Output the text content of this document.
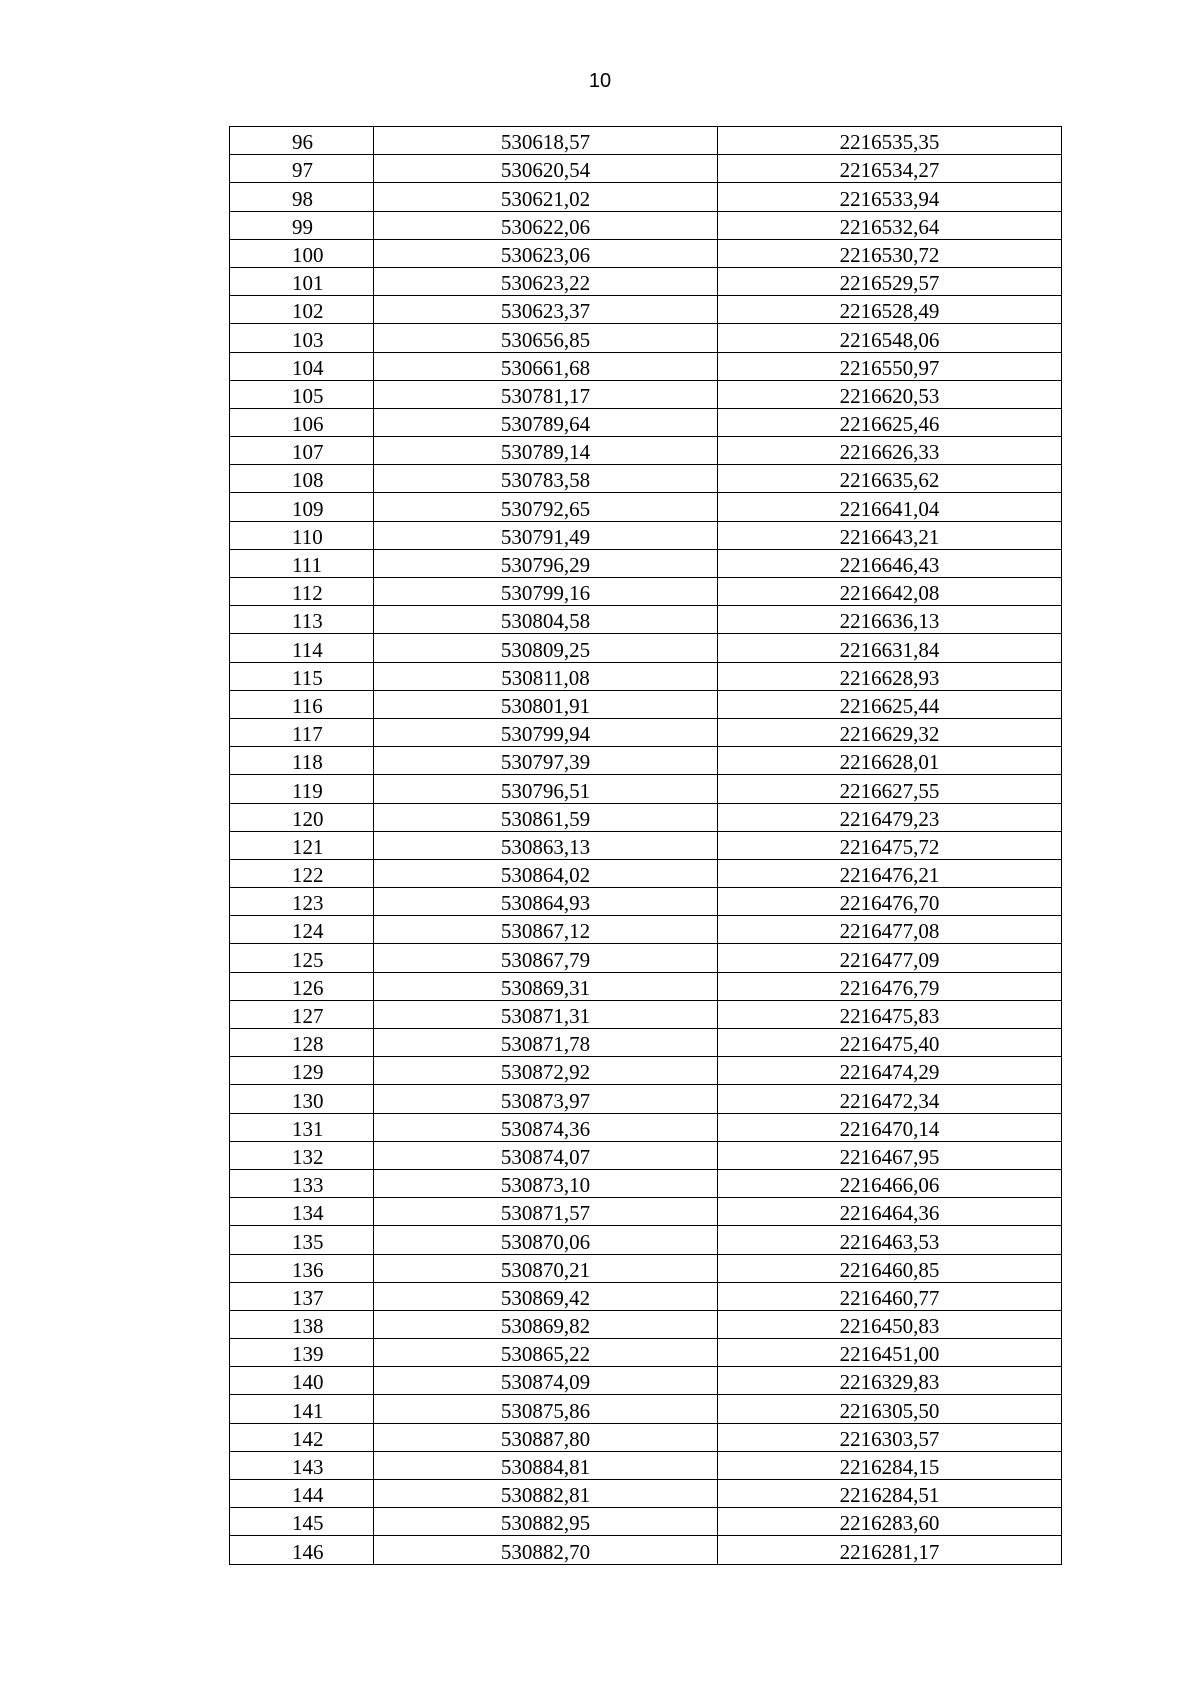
10
96	530618,57	2216535,35
97	530620,54	2216534,27
98	530621,02	2216533,94
99	530622,06	2216532,64
100	530623,06	2216530,72
101	530623,22	2216529,57
102	530623,37	2216528,49
103	530656,85	2216548,06
104	530661,68	2216550,97
105	530781,17	2216620,53
106	530789,64	2216625,46
107	530789,14	2216626,33
108	530783,58	2216635,62
109	530792,65	2216641,04
110	530791,49	2216643,21
111	530796,29	2216646,43
112	530799,16	2216642,08
113	530804,58	2216636,13
114	530809,25	2216631,84
115	530811,08	2216628,93
116	530801,91	2216625,44
117	530799,94	2216629,32
118	530797,39	2216628,01
119	530796,51	2216627,55
120	530861,59	2216479,23
121	530863,13	2216475,72
122	530864,02	2216476,21
123	530864,93	2216476,70
124	530867,12	2216477,08
125	530867,79	2216477,09
126	530869,31	2216476,79
127	530871,31	2216475,83
128	530871,78	2216475,40
129	530872,92	2216474,29
130	530873,97	2216472,34
131	530874,36	2216470,14
132	530874,07	2216467,95
133	530873,10	2216466,06
134	530871,57	2216464,36
135	530870,06	2216463,53
136	530870,21	2216460,85
137	530869,42	2216460,77
138	530869,82	2216450,83
139	530865,22	2216451,00
140	530874,09	2216329,83
141	530875,86	2216305,50
142	530887,80	2216303,57
143	530884,81	2216284,15
144	530882,81	2216284,51
145	530882,95	2216283,60
146	530882,70	2216281,17
